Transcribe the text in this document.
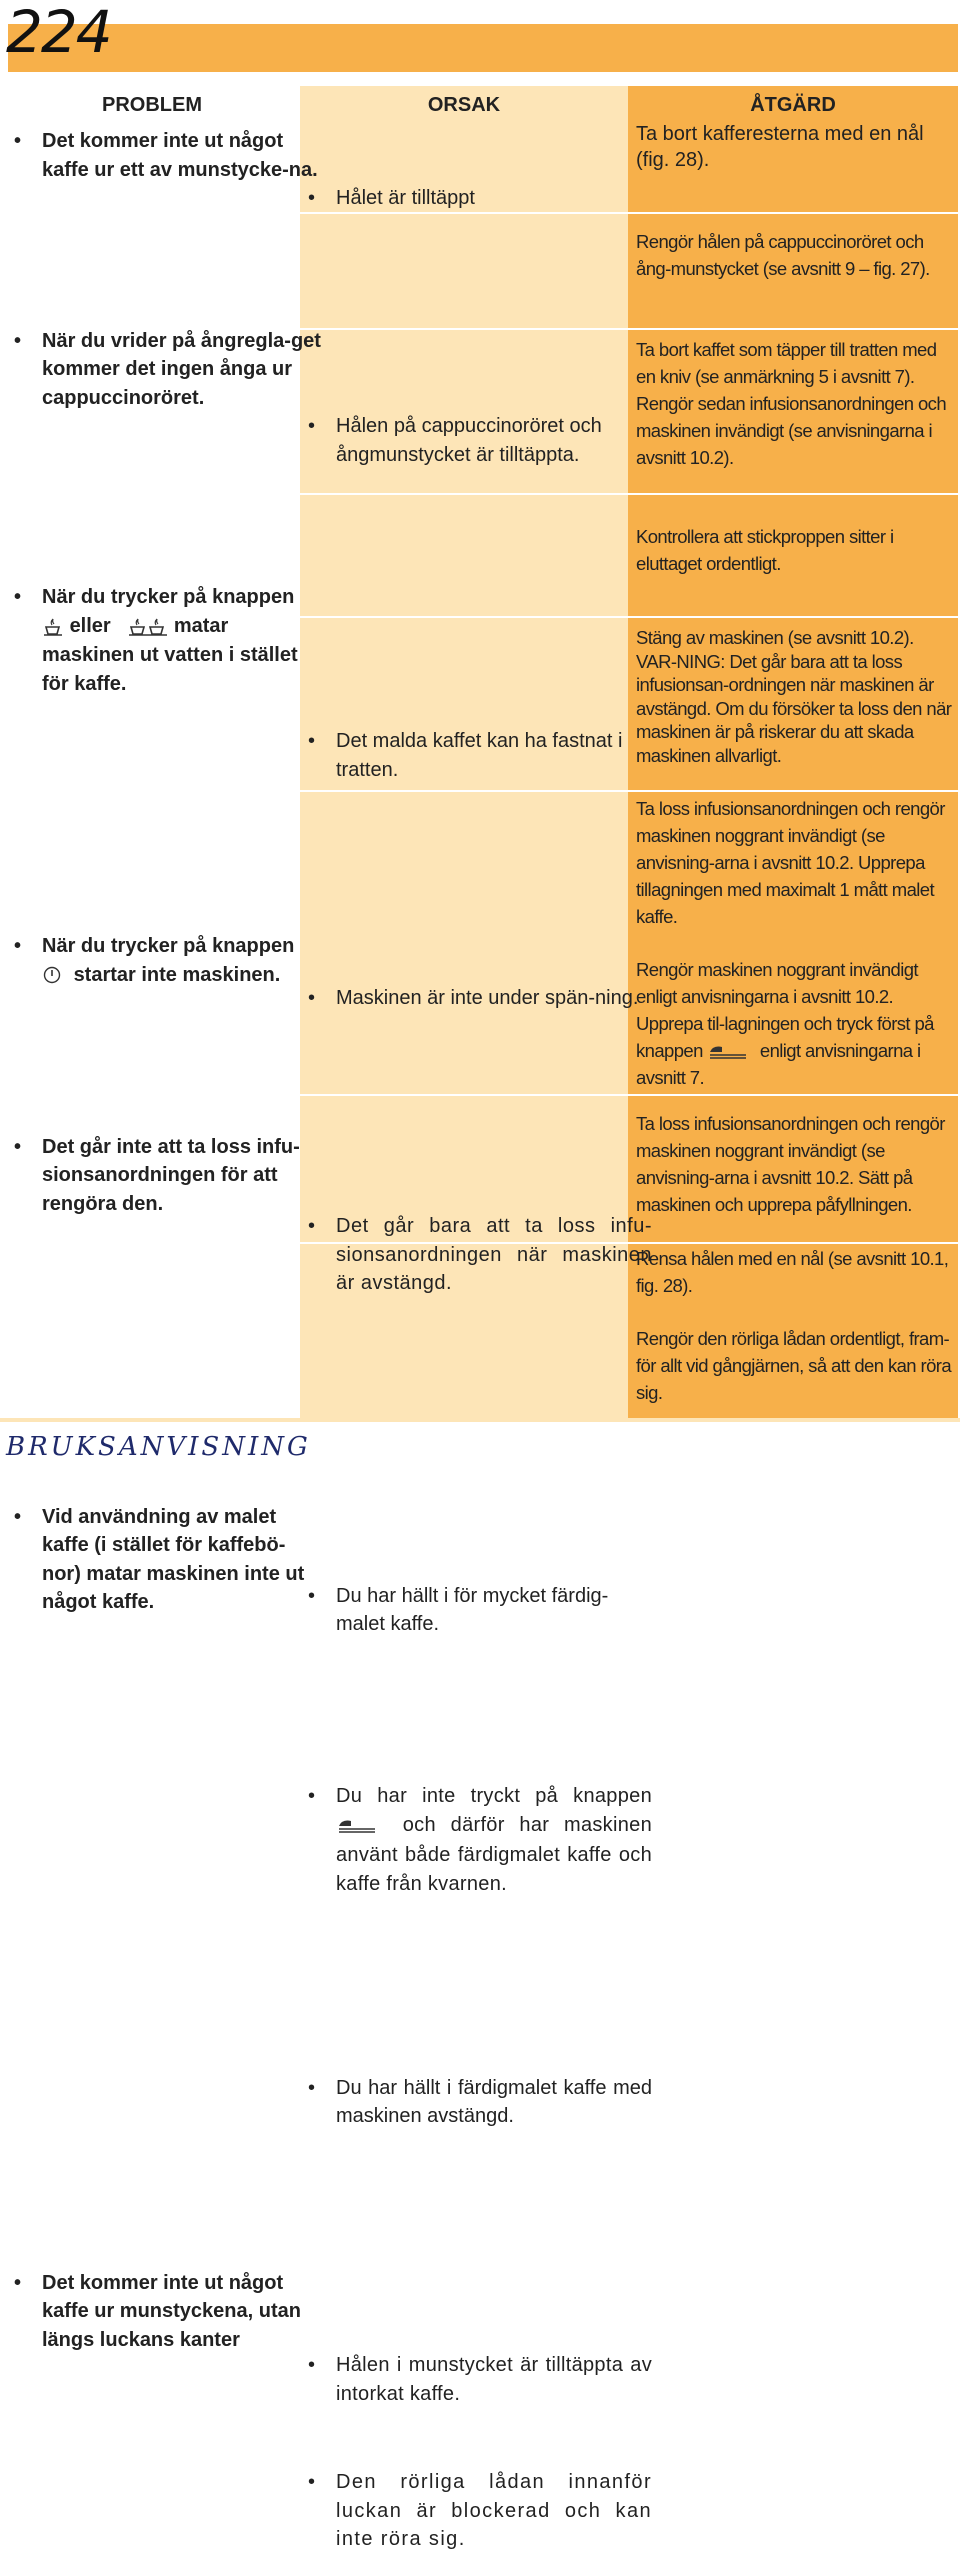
224
PROBLEM	ORSAK	ÅTGÄRD
• Det kommer inte ut något kaffe ur ett av munstycke-na.
• Hålet är tilltäppt
Ta bort kafferesterna med en nål (fig. 28).
• När du vrider på ångregla-get kommer det ingen ånga ur cappuccinoröret.
• Hålen på cappuccinoröret och ångmunstycket är tilltäppta.
Rengör hålen på cappuccinoröret och ång-munstycket (se avsnitt 9 – fig. 27).
• När du trycker på knappen
eller	matar maskinen ut vatten i stället för kaffe.
• Det malda kaffet kan ha fastnat i tratten.
Ta bort kaffet som täpper till tratten med en kniv (se anmärkning 5 i avsnitt 7). Rengör sedan infusionsanordningen och maskinen invändigt (se anvisningarna i avsnitt 10.2).
• När du trycker på knappen
startar inte maskinen.
• Maskinen är inte under spän-ning.
Kontrollera att stickproppen sitter i eluttaget ordentligt.
• Det går inte att ta loss infu-sionsanordningen för att rengöra den.
• Det går bara att ta loss infu-sionsanordningen när maskinen är avstängd.
Stäng av maskinen (se avsnitt 10.2). VAR-NING: Det går bara att ta loss infusionsan-ordningen när maskinen är avstängd. Om du försöker ta loss den när maskinen är på riskerar du att skada maskinen allvarligt.
• Vid användning av malet kaffe (i stället för kaffebö-nor) matar maskinen inte ut något kaffe.
•	Du har hällt i för mycket färdig-malet kaffe.
Ta loss infusionsanordningen och rengör maskinen noggrant invändigt (se anvisning-arna i avsnitt 10.2. Upprepa tillagningen med maximalt 1 mått malet kaffe.
• Du har inte tryckt på knappen  och därför har maskinen använt både färdigmalet kaffe och kaffe från kvarnen.
Rengör maskinen noggrant invändigt enligt anvisningarna i avsnitt 10.2. Upprepa til-lagningen och tryck först på knappen	enligt anvisningarna i avsnitt 7.
• Du har hällt i färdigmalet kaffe med maskinen avstängd.
Ta loss infusionsanordningen och rengör maskinen noggrant invändigt (se anvisning-arna i avsnitt 10.2. Sätt på maskinen och upprepa påfyllningen.
• Det kommer inte ut något kaffe ur munstyckena, utan längs luckans kanter
• Hålen i munstycket är tilltäppta av intorkat kaffe.
Rensa hålen med en nål (se avsnitt 10.1, fig. 28).
• Den rörliga lådan innanför luckan är blockerad och kan inte röra sig.
Rengör den rörliga lådan ordentligt, fram-för allt vid gångjärnen, så att den kan röra sig.
BRUKSANVISNING
